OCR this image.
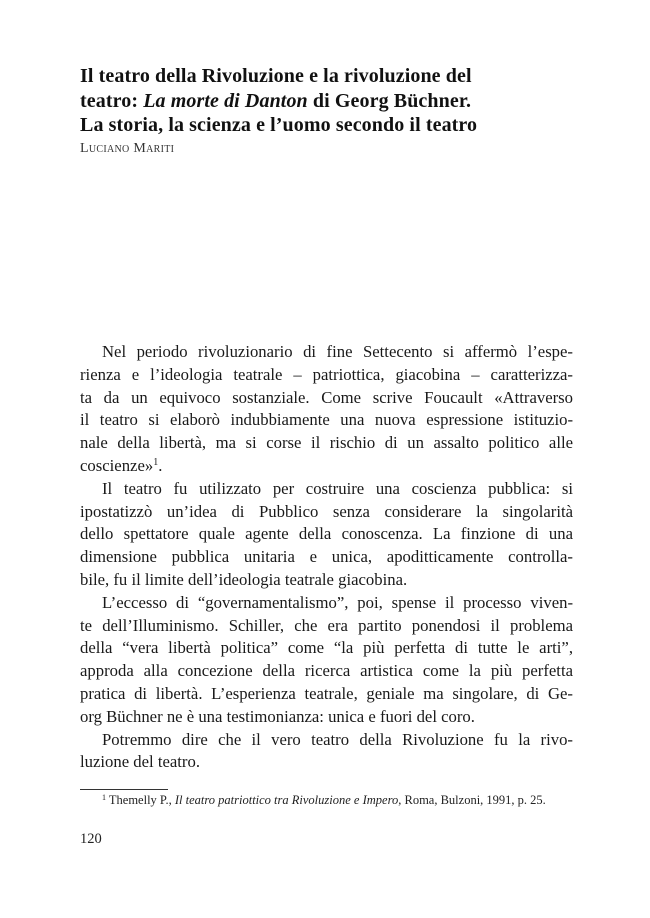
Il teatro della Rivoluzione e la rivoluzione del
teatro: La morte di Danton di Georg Büchner.
La storia, la scienza e l’uomo secondo il teatro
Luciano Mariti
Nel periodo rivoluzionario di fine Settecento si affermò l’espe-
rienza e l’ideologia teatrale – patriottica, giacobina – caratterizza-
ta da un equivoco sostanziale. Come scrive Foucault «Attraverso
il teatro si elaborò indubbiamente una nuova espressione istituzio-
nale della libertà, ma si corse il rischio di un assalto politico alle
coscienze»$^1$.
Il teatro fu utilizzato per costruire una coscienza pubblica: si
ipostatizzò un’idea di Pubblico senza considerare la singolarità
dello spettatore quale agente della conoscenza. La finzione di una
dimensione pubblica unitaria e unica, apoditticamente controlla-
bile, fu il limite dell’ideologia teatrale giacobina.
L’eccesso di “governamentalismo”, poi, spense il processo viven-
te dell’Illuminismo. Schiller, che era partito ponendosi il problema
della “vera libertà politica” come “la più perfetta di tutte le arti”,
approda alla concezione della ricerca artistica come la più perfetta
pratica di libertà. L’esperienza teatrale, geniale ma singolare, di Ge-
org Büchner ne è una testimonianza: unica e fuori del coro.
Potremmo dire che il vero teatro della Rivoluzione fu la rivo-
luzione del teatro.
$^1$ Themelly P., Il teatro patriottico tra Rivoluzione e Impero, Roma, Bulzoni, 1991, p. 25.
120
